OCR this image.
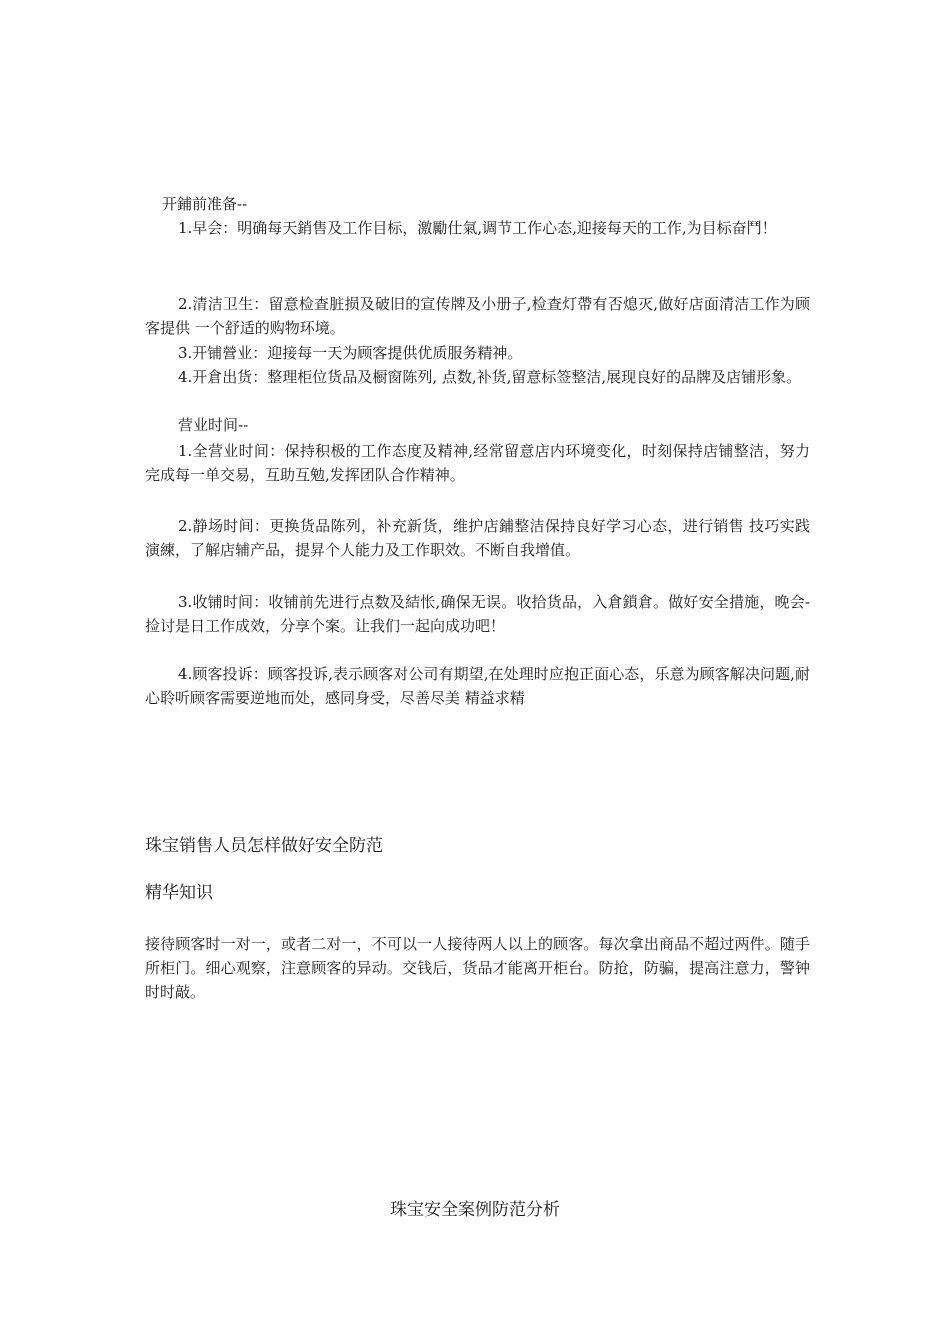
开鋪前准备--

1.早会：明确每天銷售及工作目标，激勵仕氣,调节工作心态,迎接每天的工作,为目标奋鬥！

2.清洁卫生：留意检查脏损及破旧的宣传牌及小册子,检查灯帶有否熄灭,做好店面清洁工作为顾客提供 一个舒适的购物环境。

3.开铺營业：迎接每一天为顾客提供优质服务精神。

4.开倉出货：整理柜位货品及橱窗陈列, 点数,补货,留意标签整洁,展现良好的品牌及店铺形象。

营业时间--

1.全营业时间：保持积极的工作态度及精神,经常留意店内环境变化，时刻保持店铺整洁，努力完成每一单交易，互助互勉,发挥团队合作精神。

2.静场时间：更换货品陈列，补充新货，维护店鋪整洁保持良好学习心态，进行销售 技巧实践演練，了解店辅产品，提昇个人能力及工作职效。不断自我增值。

3.收铺时间：收铺前先进行点数及結怅,确保无误。收拾货品，入倉鎖倉。做好安全措施，晚会-捡讨是日工作成效，分享个案。让我们一起向成功吧！

4.顾客投诉：顾客投诉,表示顾客对公司有期望,在处理时应抱正面心态，乐意为顾客解决问题,耐心聆听顾客需要逆地而处，感同身受，尽善尽美 精益求精

珠宝销售人员怎样做好安全防范

精华知识

接待顾客时一对一，或者二对一，不可以一人接待两人以上的顾客。每次拿出商品不超过两件。随手所柜门。细心观察，注意顾客的异动。交钱后，货品才能离开柜台。防抢，防骗，提高注意力，警钟时时敲。

珠宝安全案例防范分析
